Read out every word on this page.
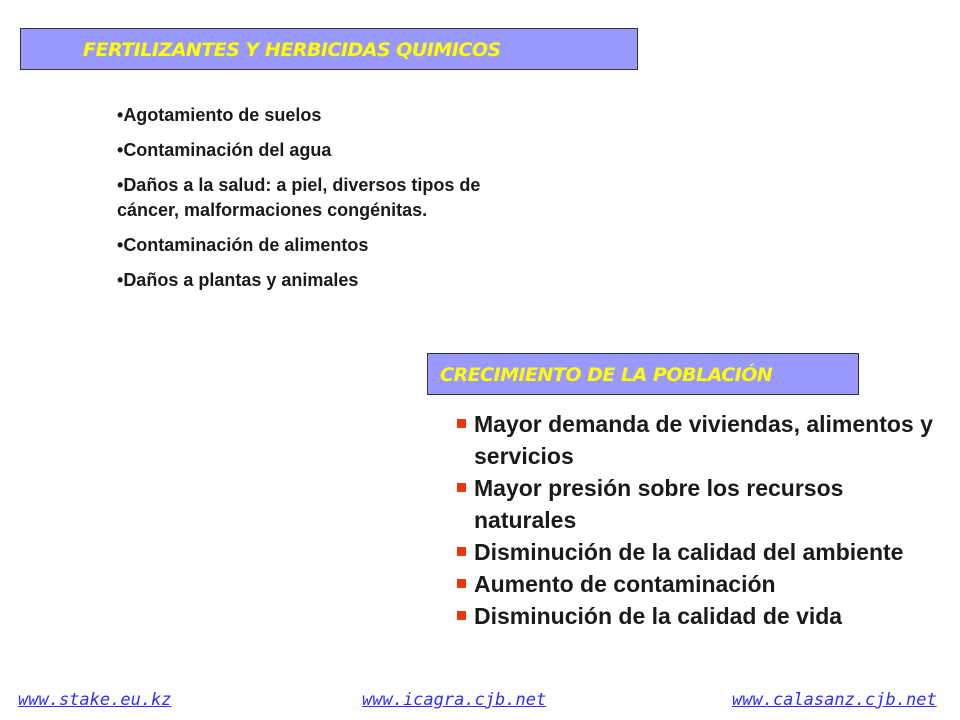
FERTILIZANTES Y HERBICIDAS QUIMICOS
• Agotamiento de suelos
• Contaminación del agua
• Daños a la salud: a piel, diversos tipos de cáncer, malformaciones congénitas.
• Contaminación de alimentos
• Daños a plantas y animales
CRECIMIENTO DE LA POBLACIÓN
Mayor demanda de viviendas, alimentos y servicios
Mayor presión sobre los recursos naturales
Disminución de la calidad del ambiente
Aumento de contaminación
Disminución de la calidad de vida
www.stake.eu.kz	www.icagra.cjb.net	www.calasanz.cjb.net
